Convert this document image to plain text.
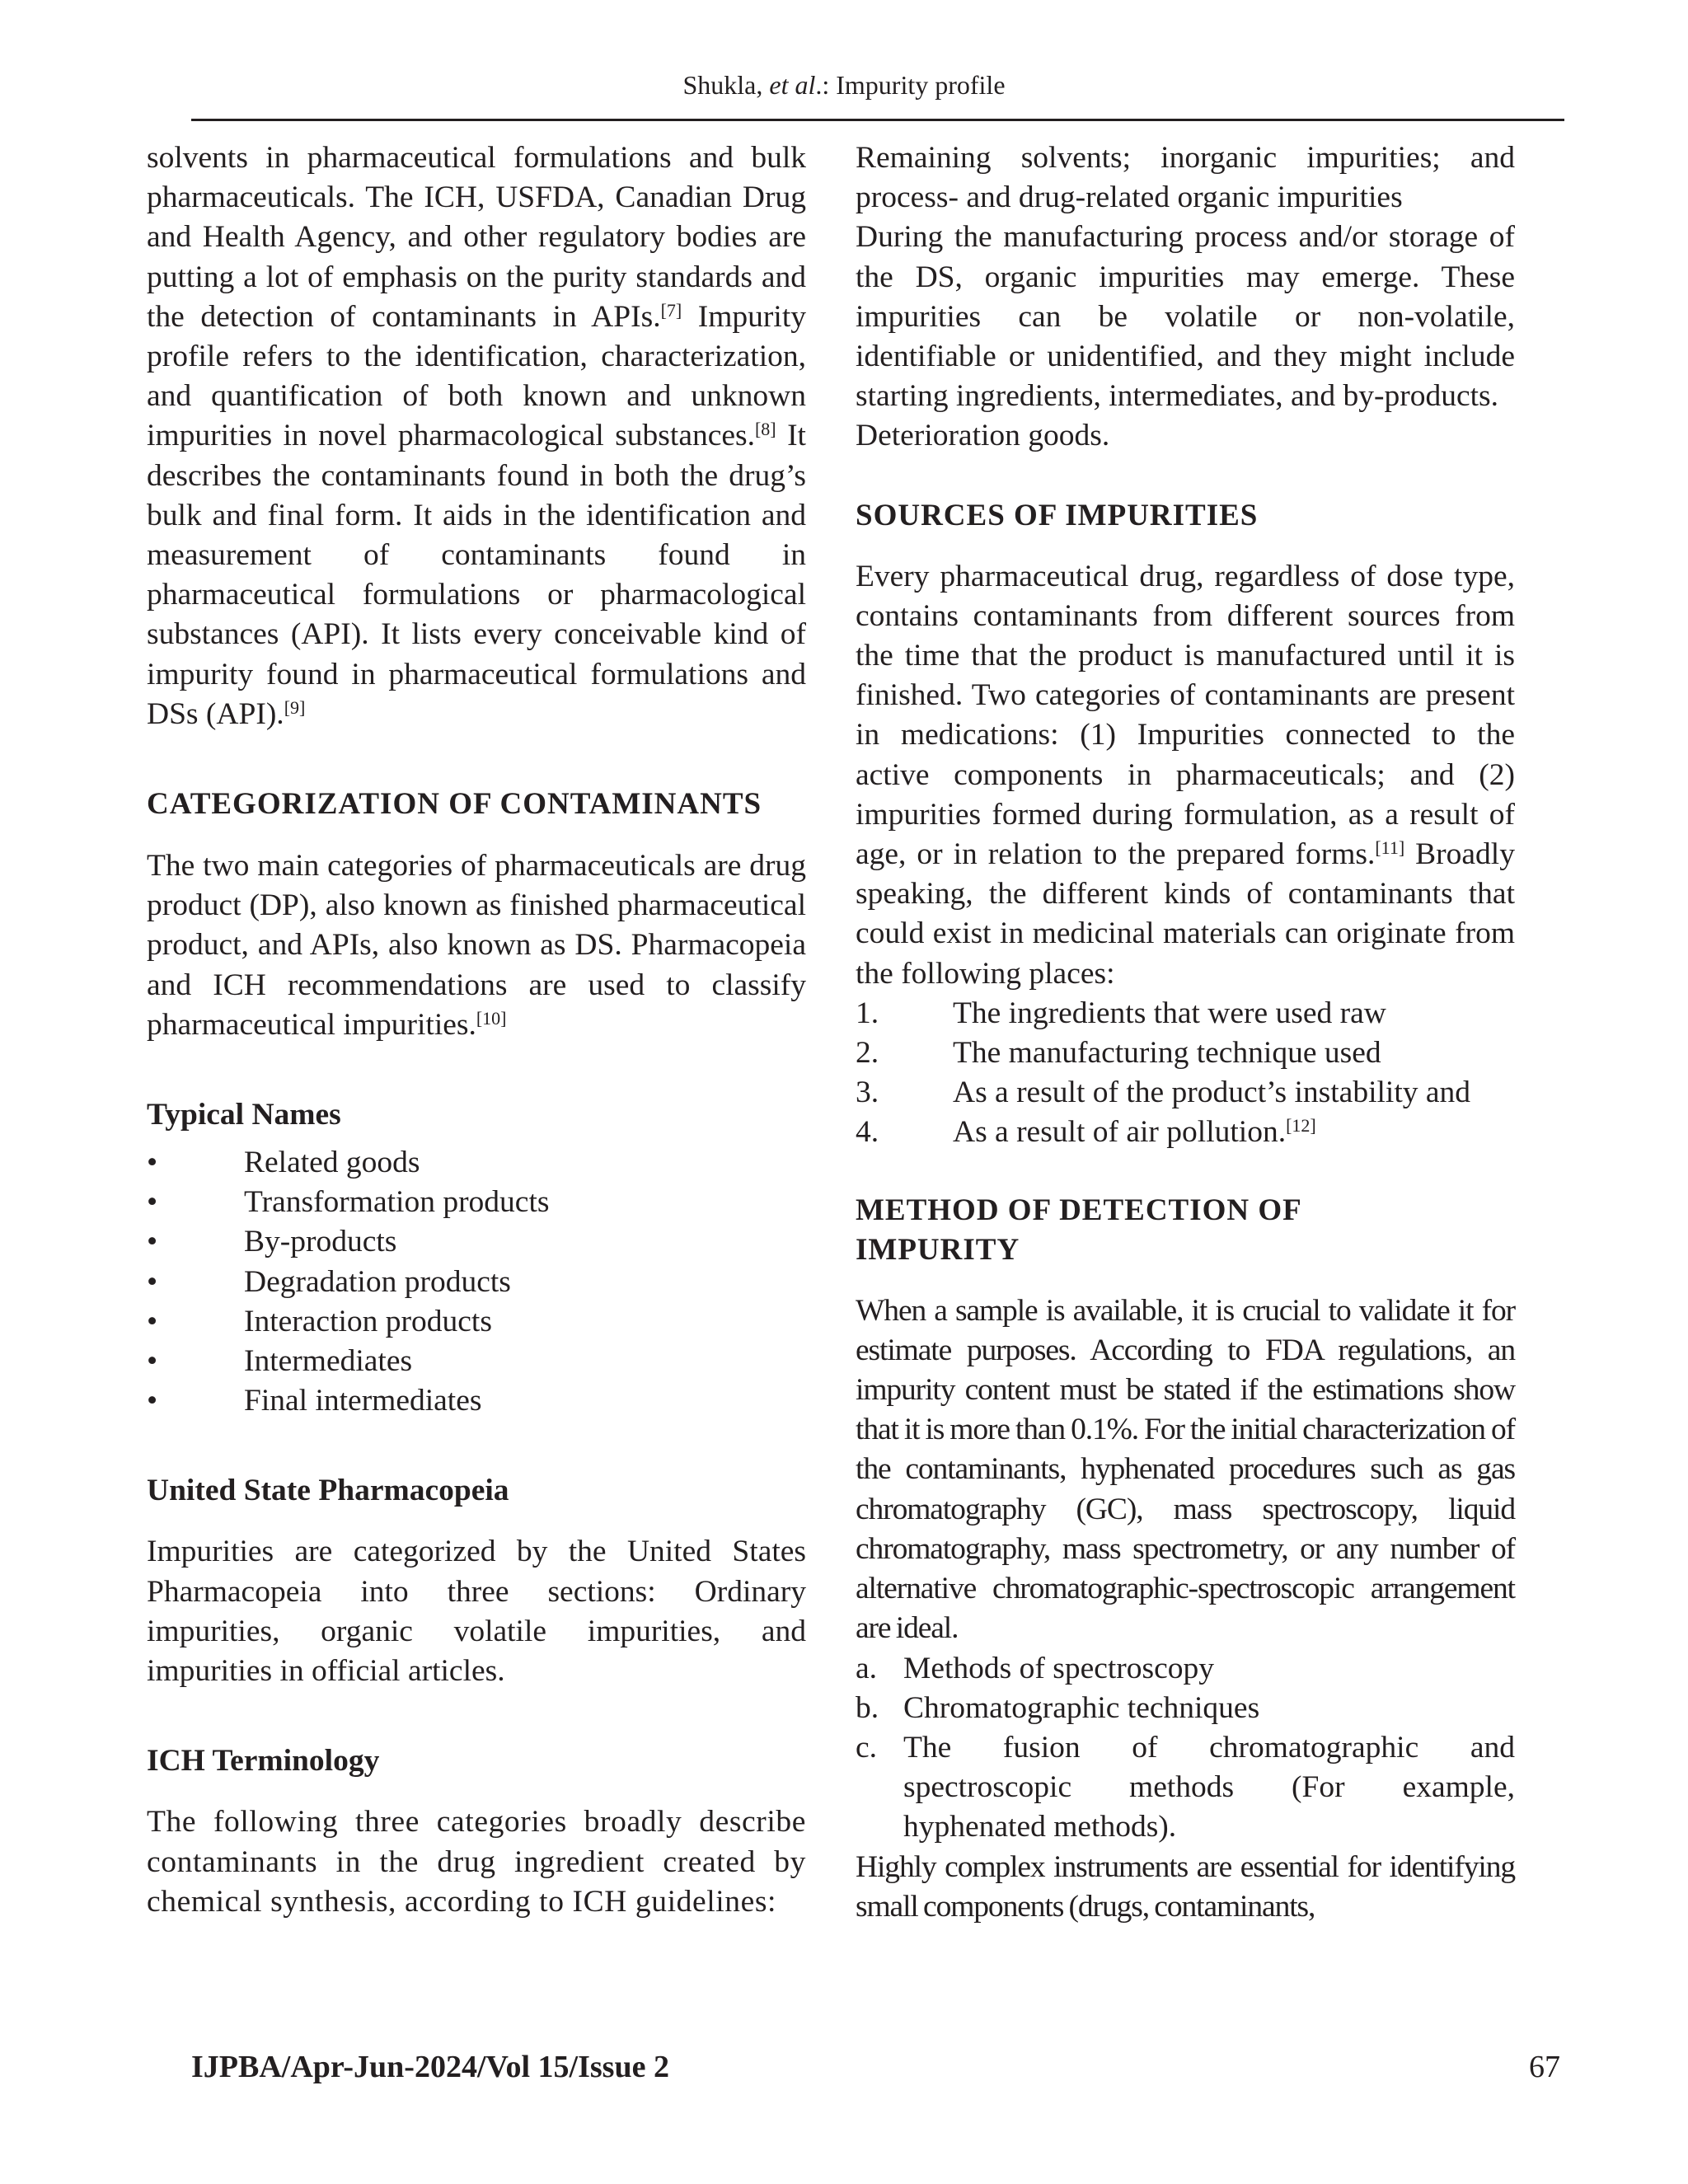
Shukla, et al.: Impurity profile

solvents in pharmaceutical formulations and bulk pharmaceuticals. The ICH, USFDA, Canadian Drug and Health Agency, and other regulatory bodies are putting a lot of emphasis on the purity standards and the detection of contaminants in APIs.[7] Impurity profile refers to the identification, characterization, and quantification of both known and unknown impurities in novel pharmacological substances.[8] It describes the contaminants found in both the drug’s bulk and final form. It aids in the identification and measurement of contaminants found in pharmaceutical formulations or pharmacological substances (API). It lists every conceivable kind of impurity found in pharmaceutical formulations and DSs (API).[9]

CATEGORIZATION OF CONTAMINANTS

The two main categories of pharmaceuticals are drug product (DP), also known as finished pharmaceutical product, and APIs, also known as DS. Pharmacopeia and ICH recommendations are used to classify pharmaceutical impurities.[10]

Typical Names
•	Related goods
•	Transformation products
•	By-products
•	Degradation products
•	Interaction products
•	Intermediates
•	Final intermediates
United State Pharmacopeia

Impurities are categorized by the United States Pharmacopeia into three sections: Ordinary impurities, organic volatile impurities, and impurities in official articles.

ICH Terminology

The following three categories broadly describe contaminants in the drug ingredient created by chemical synthesis, according to ICH guidelines:

Remaining solvents; inorganic impurities; and process- and drug-related organic impurities

During the manufacturing process and/or storage of the DS, organic impurities may emerge. These impurities can be volatile or non-volatile, identifiable or unidentified, and they might include starting ingredients, intermediates, and by-products.

Deterioration goods.

SOURCES OF IMPURITIES

Every pharmaceutical drug, regardless of dose type, contains contaminants from different sources from the time that the product is manufactured until it is finished. Two categories of contaminants are present in medications: (1) Impurities connected to the active components in pharmaceuticals; and (2) impurities formed during formulation, as a result of age, or in relation to the prepared forms.[11] Broadly speaking, the different kinds of contaminants that could exist in medicinal materials can originate from the following places:

1. The ingredients that were used raw
2. The manufacturing technique used
3. As a result of the product’s instability and
4. As a result of air pollution.[12]
METHOD OF DETECTION OF
IMPURITY

When a sample is available, it is crucial to validate it for estimate purposes. According to FDA regulations, an impurity content must be stated if the estimations show that it is more than 0.1%. For the initial characterization of the contaminants, hyphenated procedures such as gas chromatography (GC), mass spectroscopy, liquid chromatography, mass spectrometry, or any number of alternative chromatographic-spectroscopic arrangement are ideal.

a. Methods of spectroscopy
b. Chromatographic techniques
c. The fusion of chromatographic and spectroscopic methods (For example, hyphenated methods).

Highly complex instruments are essential for identifying small components (drugs, contaminants,

IJPBA/Apr-Jun-2024/Vol 15/Issue 2	67
